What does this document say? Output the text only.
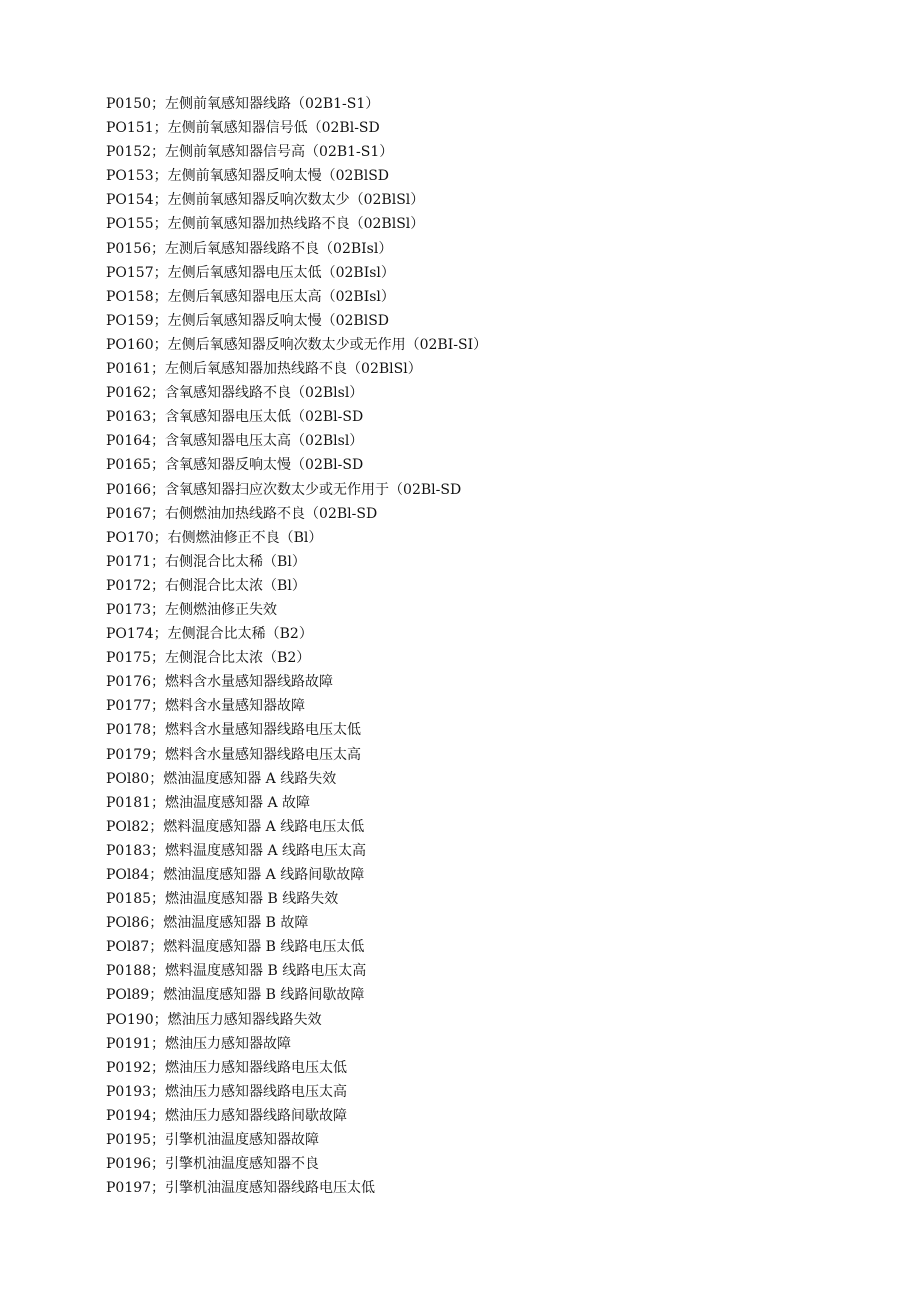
P0150；左侧前氧感知器线路（02B1-S1）
PO151；左侧前氧感知器信号低（02Bl-SD
P0152；左侧前氧感知器信号高（02B1-S1）
PO153；左侧前氧感知器反响太慢（02BlSD
PO154；左侧前氧感知器反响次数太少（02BlSl）
PO155；左侧前氧感知器加热线路不良（02BlSl）
P0156；左测后氧感知器线路不良（02BIsl）
PO157；左侧后氧感知器电压太低（02BIsl）
PO158；左侧后氧感知器电压太高（02BIsl）
PO159；左侧后氧感知器反响太慢（02BlSD
PO160；左侧后氧感知器反响次数太少或无作用（02BI-SI）
P0161；左侧后氧感知器加热线路不良（02BlSl）
P0162；含氧感知器线路不良（02Blsl）
P0163；含氧感知器电压太低（02Bl-SD
P0164；含氧感知器电压太高（02Blsl）
P0165；含氧感知器反响太慢（02Bl-SD
P0166；含氧感知器扫应次数太少或无作用于（02Bl-SD
P0167；右侧燃油加热线路不良（02Bl-SD
PO170；右侧燃油修正不良（Bl）
P0171；右侧混合比太稀（Bl）
P0172；右侧混合比太浓（Bl）
P0173；左侧燃油修正失效
PO174；左侧混合比太稀（B2）
P0175；左侧混合比太浓（B2）
P0176；燃料含水量感知器线路故障
P0177；燃料含水量感知器故障
P0178；燃料含水量感知器线路电压太低
P0179；燃料含水量感知器线路电压太高
POl80；燃油温度感知器 A 线路失效
P0181；燃油温度感知器 A 故障
POl82；燃料温度感知器 A 线路电压太低
P0183；燃料温度感知器 A 线路电压太高
POl84；燃油温度感知器 A 线路间歇故障
P0185；燃油温度感知器 B 线路失效
POl86；燃油温度感知器 B 故障
POl87；燃料温度感知器 B 线路电压太低
P0188；燃料温度感知器 B 线路电压太高
POl89；燃油温度感知器 B 线路间歇故障
PO190；燃油压力感知器线路失效
P0191；燃油压力感知器故障
P0192；燃油压力感知器线路电压太低
P0193；燃油压力感知器线路电压太高
P0194；燃油压力感知器线路间歇故障
P0195；引擎机油温度感知器故障
P0196；引擎机油温度感知器不良
P0197；引擎机油温度感知器线路电压太低
